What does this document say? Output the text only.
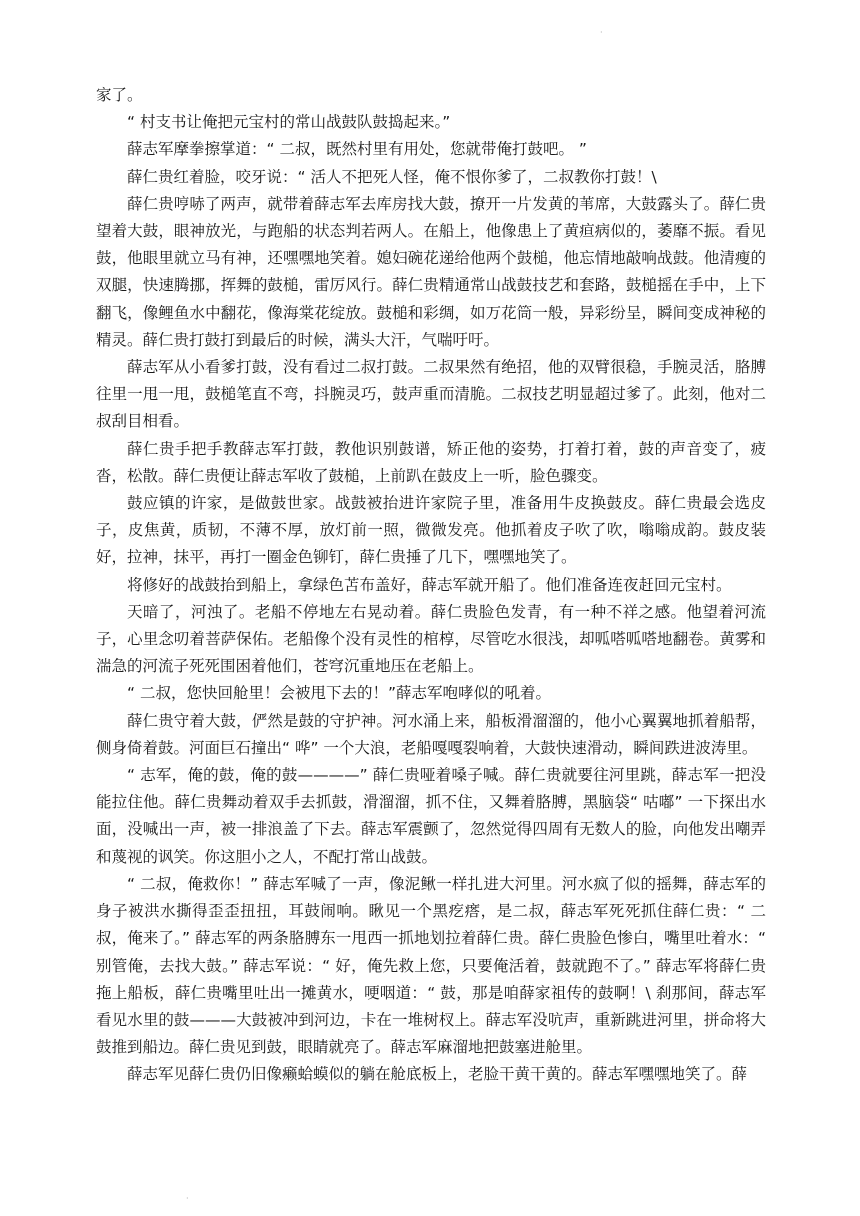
·

家了。

“ 村支书让俺把元宝村的常山战鼓队鼓捣起来。”

薛志军摩拳擦掌道：“ 二叔，既然村里有用处，您就带俺打鼓吧。 ”

薛仁贵红着脸，咬牙说：“ 活人不把死人怪，俺不恨你爹了，二叔教你打鼓！\

薛仁贵哼哧了两声，就带着薛志军去库房找大鼓，撩开一片发黄的苇席，大鼓露头了。薛仁贵望着大鼓，眼神放光，与跑船的状态判若两人。在船上，他像患上了黄疸病似的，萎靡不振。看见鼓，他眼里就立马有神，还嘿嘿地笑着。媳妇碗花递给他两个鼓槌，他忘情地敲响战鼓。他清瘦的双腿，快速腾挪，挥舞的鼓槌，雷厉风行。薛仁贵精通常山战鼓技艺和套路，鼓槌摇在手中，上下翻飞，像鲤鱼水中翻花，像海棠花绽放。鼓槌和彩绸，如万花筒一般，异彩纷呈，瞬间变成神秘的精灵。薛仁贵打鼓打到最后的时候，满头大汗，气喘吁吁。

薛志军从小看爹打鼓，没有看过二叔打鼓。二叔果然有绝招，他的双臂很稳，手腕灵活，胳膊往里一甩一甩，鼓槌笔直不弯，抖腕灵巧，鼓声重而清脆。二叔技艺明显超过爹了。此刻，他对二叔刮目相看。

薛仁贵手把手教薛志军打鼓，教他识别鼓谱，矫正他的姿势，打着打着，鼓的声音变了，疲沓，松散。薛仁贵便让薛志军收了鼓槌，上前趴在鼓皮上一听，脸色骤变。

鼓应镇的许家，是做鼓世家。战鼓被抬进许家院子里，准备用牛皮换鼓皮。薛仁贵最会选皮子，皮焦黄，质韧，不薄不厚，放灯前一照，微微发亮。他抓着皮子吹了吹，嗡嗡成韵。鼓皮装好，拉神，抹平，再打一圈金色铆钉，薛仁贵捶了几下，嘿嘿地笑了。

将修好的战鼓抬到船上，拿绿色苫布盖好，薛志军就开船了。他们准备连夜赶回元宝村。

天暗了，河浊了。老船不停地左右晃动着。薛仁贵脸色发青，有一种不祥之感。他望着河流子，心里念叨着菩萨保佑。老船像个没有灵性的棺椁，尽管吃水很浅，却呱嗒呱嗒地翻卷。黄雾和湍急的河流子死死围困着他们，苍穹沉重地压在老船上。

“ 二叔，您快回舱里！会被甩下去的！”薛志军咆哮似的吼着。

薛仁贵守着大鼓，俨然是鼓的守护神。河水涌上来，船板滑溜溜的，他小心翼翼地抓着船帮，侧身倚着鼓。河面巨石撞出“ 哗” 一个大浪，老船嘎嘎裂响着，大鼓快速滑动，瞬间跌进波涛里。

“ 志军，俺的鼓，俺的鼓————” 薛仁贵哑着嗓子喊。薛仁贵就要往河里跳，薛志军一把没能拉住他。薛仁贵舞动着双手去抓鼓，滑溜溜，抓不住，又舞着胳膊，黑脑袋“ 咕嘟” 一下探出水面，没喊出一声，被一排浪盖了下去。薛志军震颤了，忽然觉得四周有无数人的脸，向他发出嘲弄和蔑视的讽笑。你这胆小之人，不配打常山战鼓。

“ 二叔，俺救你！” 薛志军喊了一声，像泥鳅一样扎进大河里。河水疯了似的摇舞，薛志军的身子被洪水撕得歪歪扭扭，耳鼓闹响。瞅见一个黑疙瘩，是二叔，薛志军死死抓住薛仁贵：“ 二叔，俺来了。” 薛志军的两条胳膊东一甩西一抓地划拉着薛仁贵。薛仁贵脸色惨白，嘴里吐着水：“ 别管俺，去找大鼓。” 薛志军说：“ 好，俺先救上您，只要俺活着，鼓就跑不了。” 薛志军将薛仁贵拖上船板，薛仁贵嘴里吐出一摊黄水，哽咽道：“ 鼓，那是咱薛家祖传的鼓啊！\ 刹那间，薛志军看见水里的鼓———大鼓被冲到河边，卡在一堆树杈上。薛志军没吭声，重新跳进河里，拼命将大鼓推到船边。薛仁贵见到鼓，眼睛就亮了。薛志军麻溜地把鼓塞进舱里。

薛志军见薛仁贵仍旧像癞蛤蟆似的躺在舱底板上，老脸干黄干黄的。薛志军嘿嘿地笑了。薛

·
